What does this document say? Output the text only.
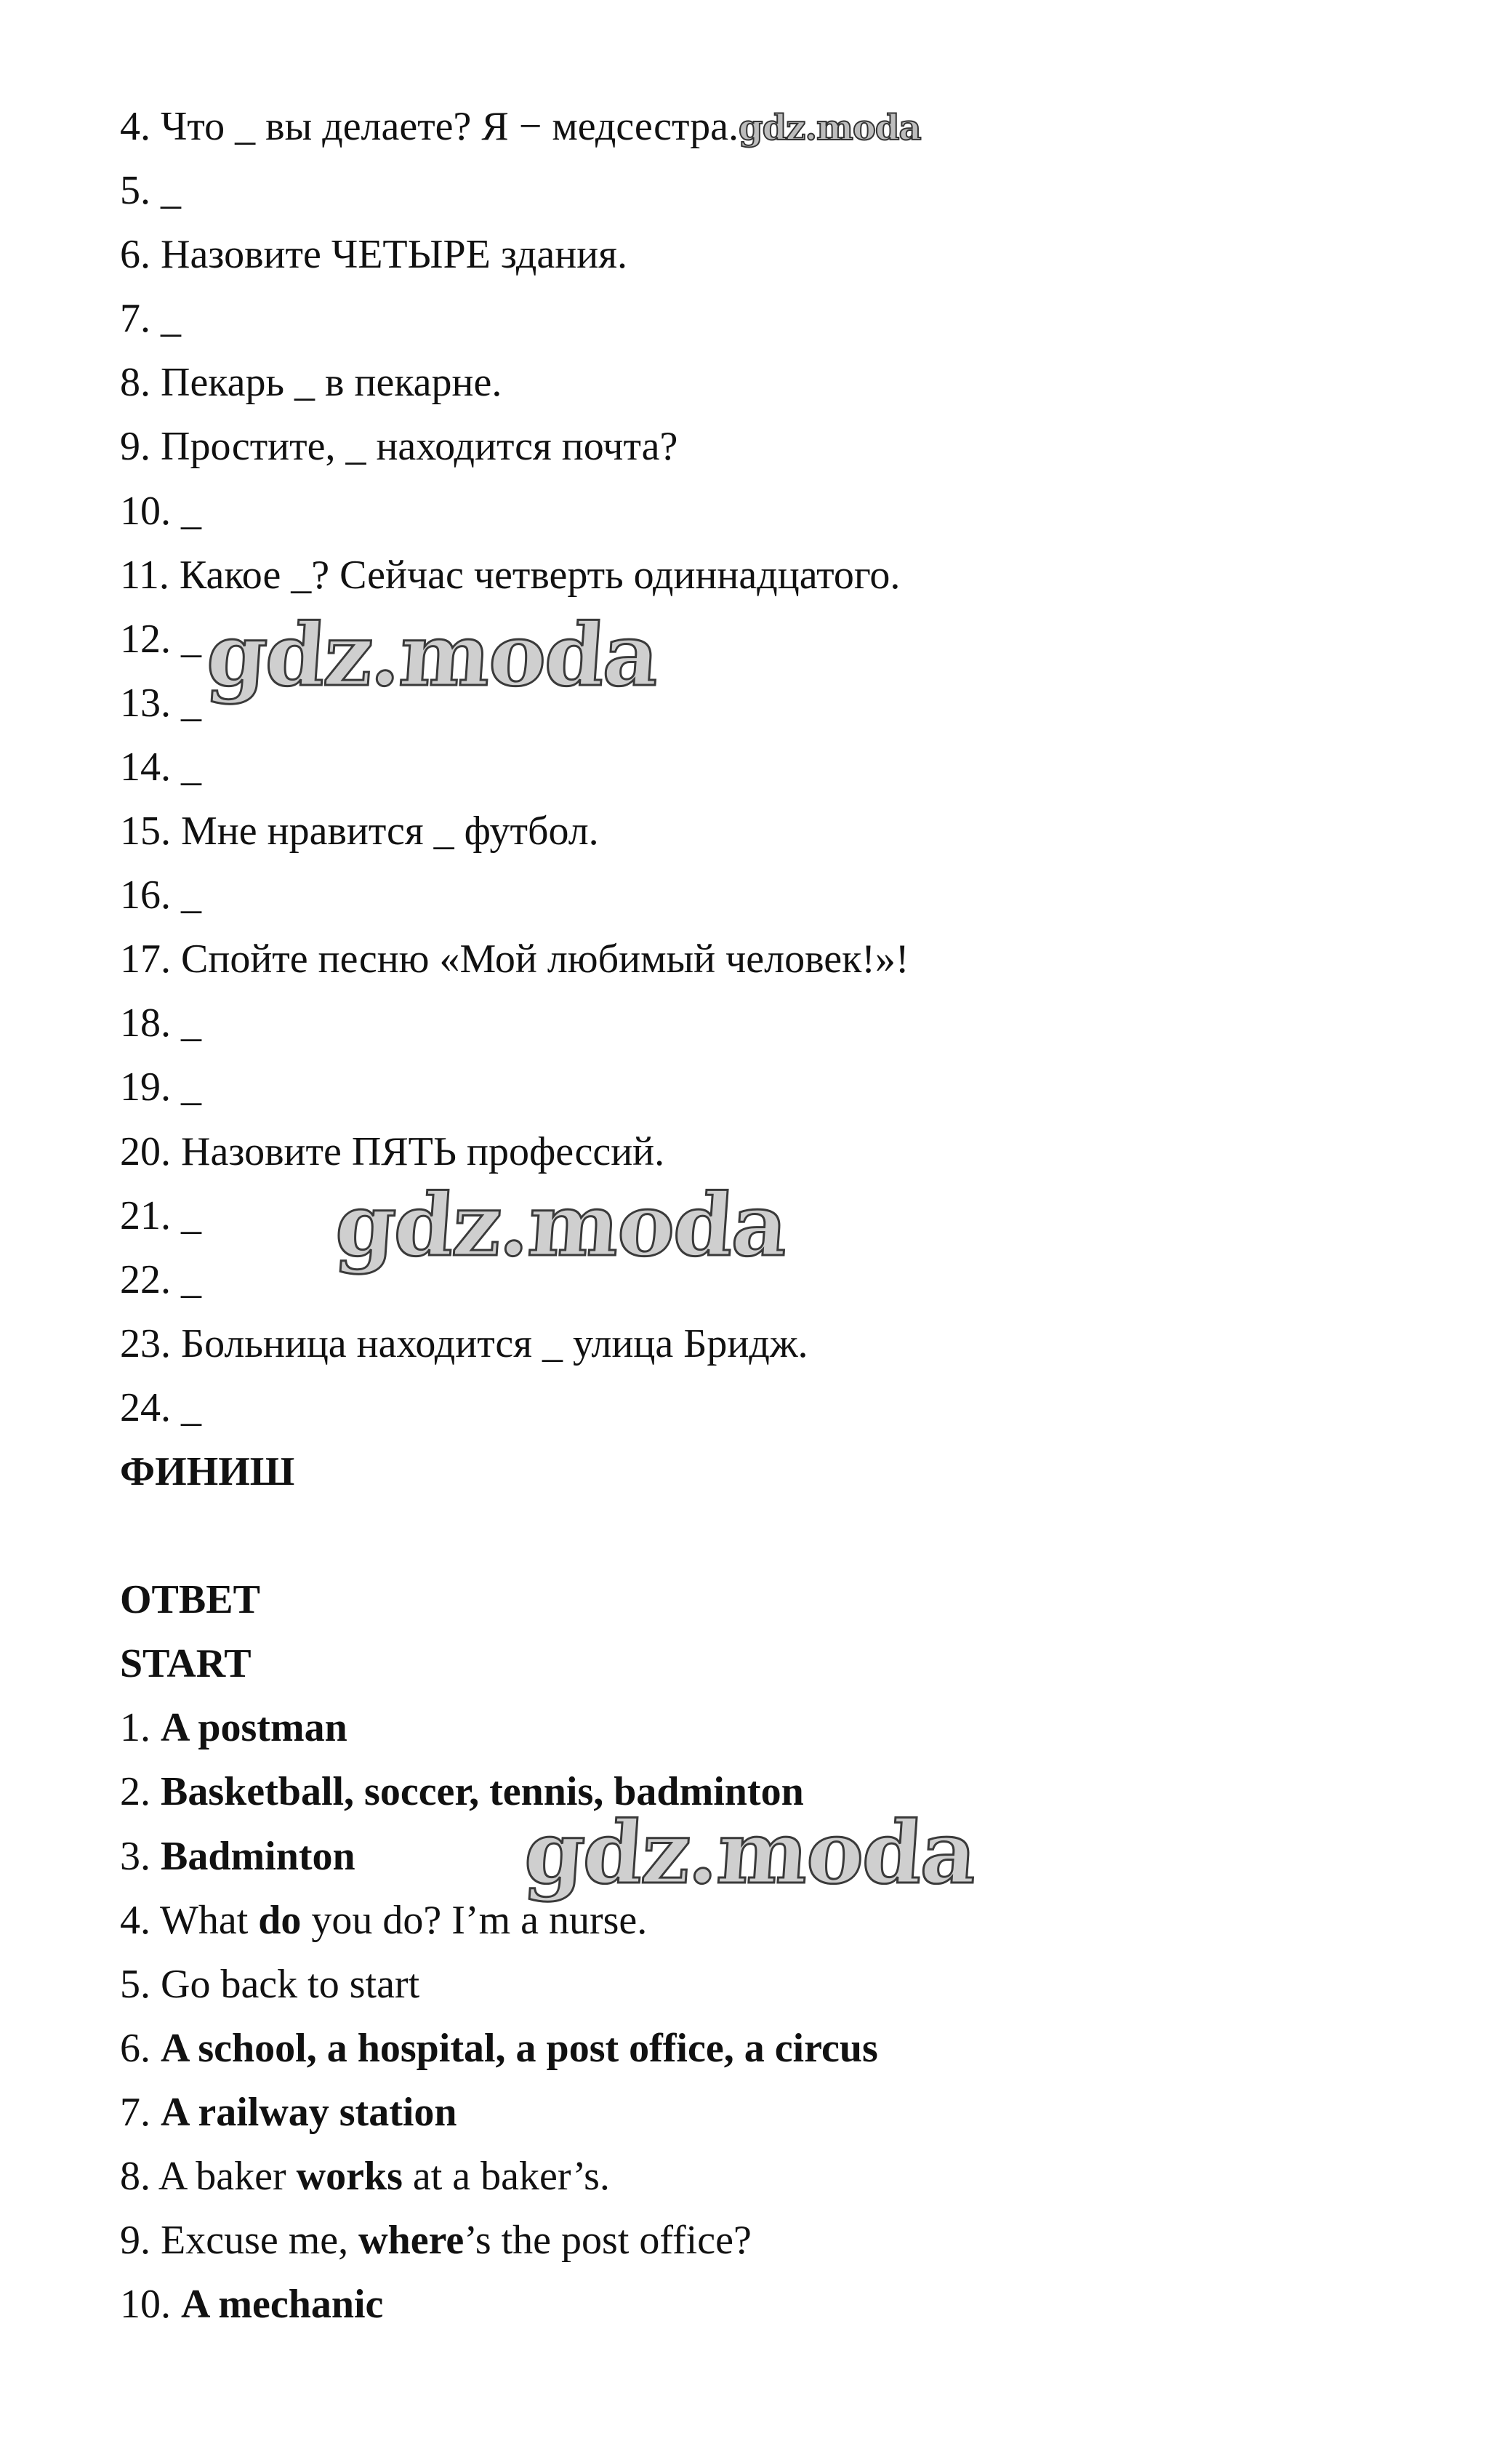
4. Что _ вы делаете? Я − медсестра.gdz.moda
5. _
6. Назовите ЧЕТЫРЕ здания.
7. _
8. Пекарь _ в пекарне.
9. Простите, _ находится почта?
10. _
11. Какое _? Сейчас четверть одиннадцатого.
12. _
13. _
14. _
15. Мне нравится _ футбол.
16. _
17. Спойте песню «Мой любимый человек!»!
18. _
19. _
20. Назовите ПЯТЬ профессий.
21. _
22. _
23. Больница находится _ улица Бридж.
24. _
ФИНИШ
ОТВЕТ
START
1. A postman
2. Basketball, soccer, tennis, badminton
3. Badminton
4. What do you do? I’m a nurse.
5. Go back to start
6. A school, a hospital, a post office, a circus
7. A railway station
8. A baker works at a baker’s.
9. Excuse me, where’s the post office?
10. A mechanic
gdz.moda
gdz.moda
gdz.moda
